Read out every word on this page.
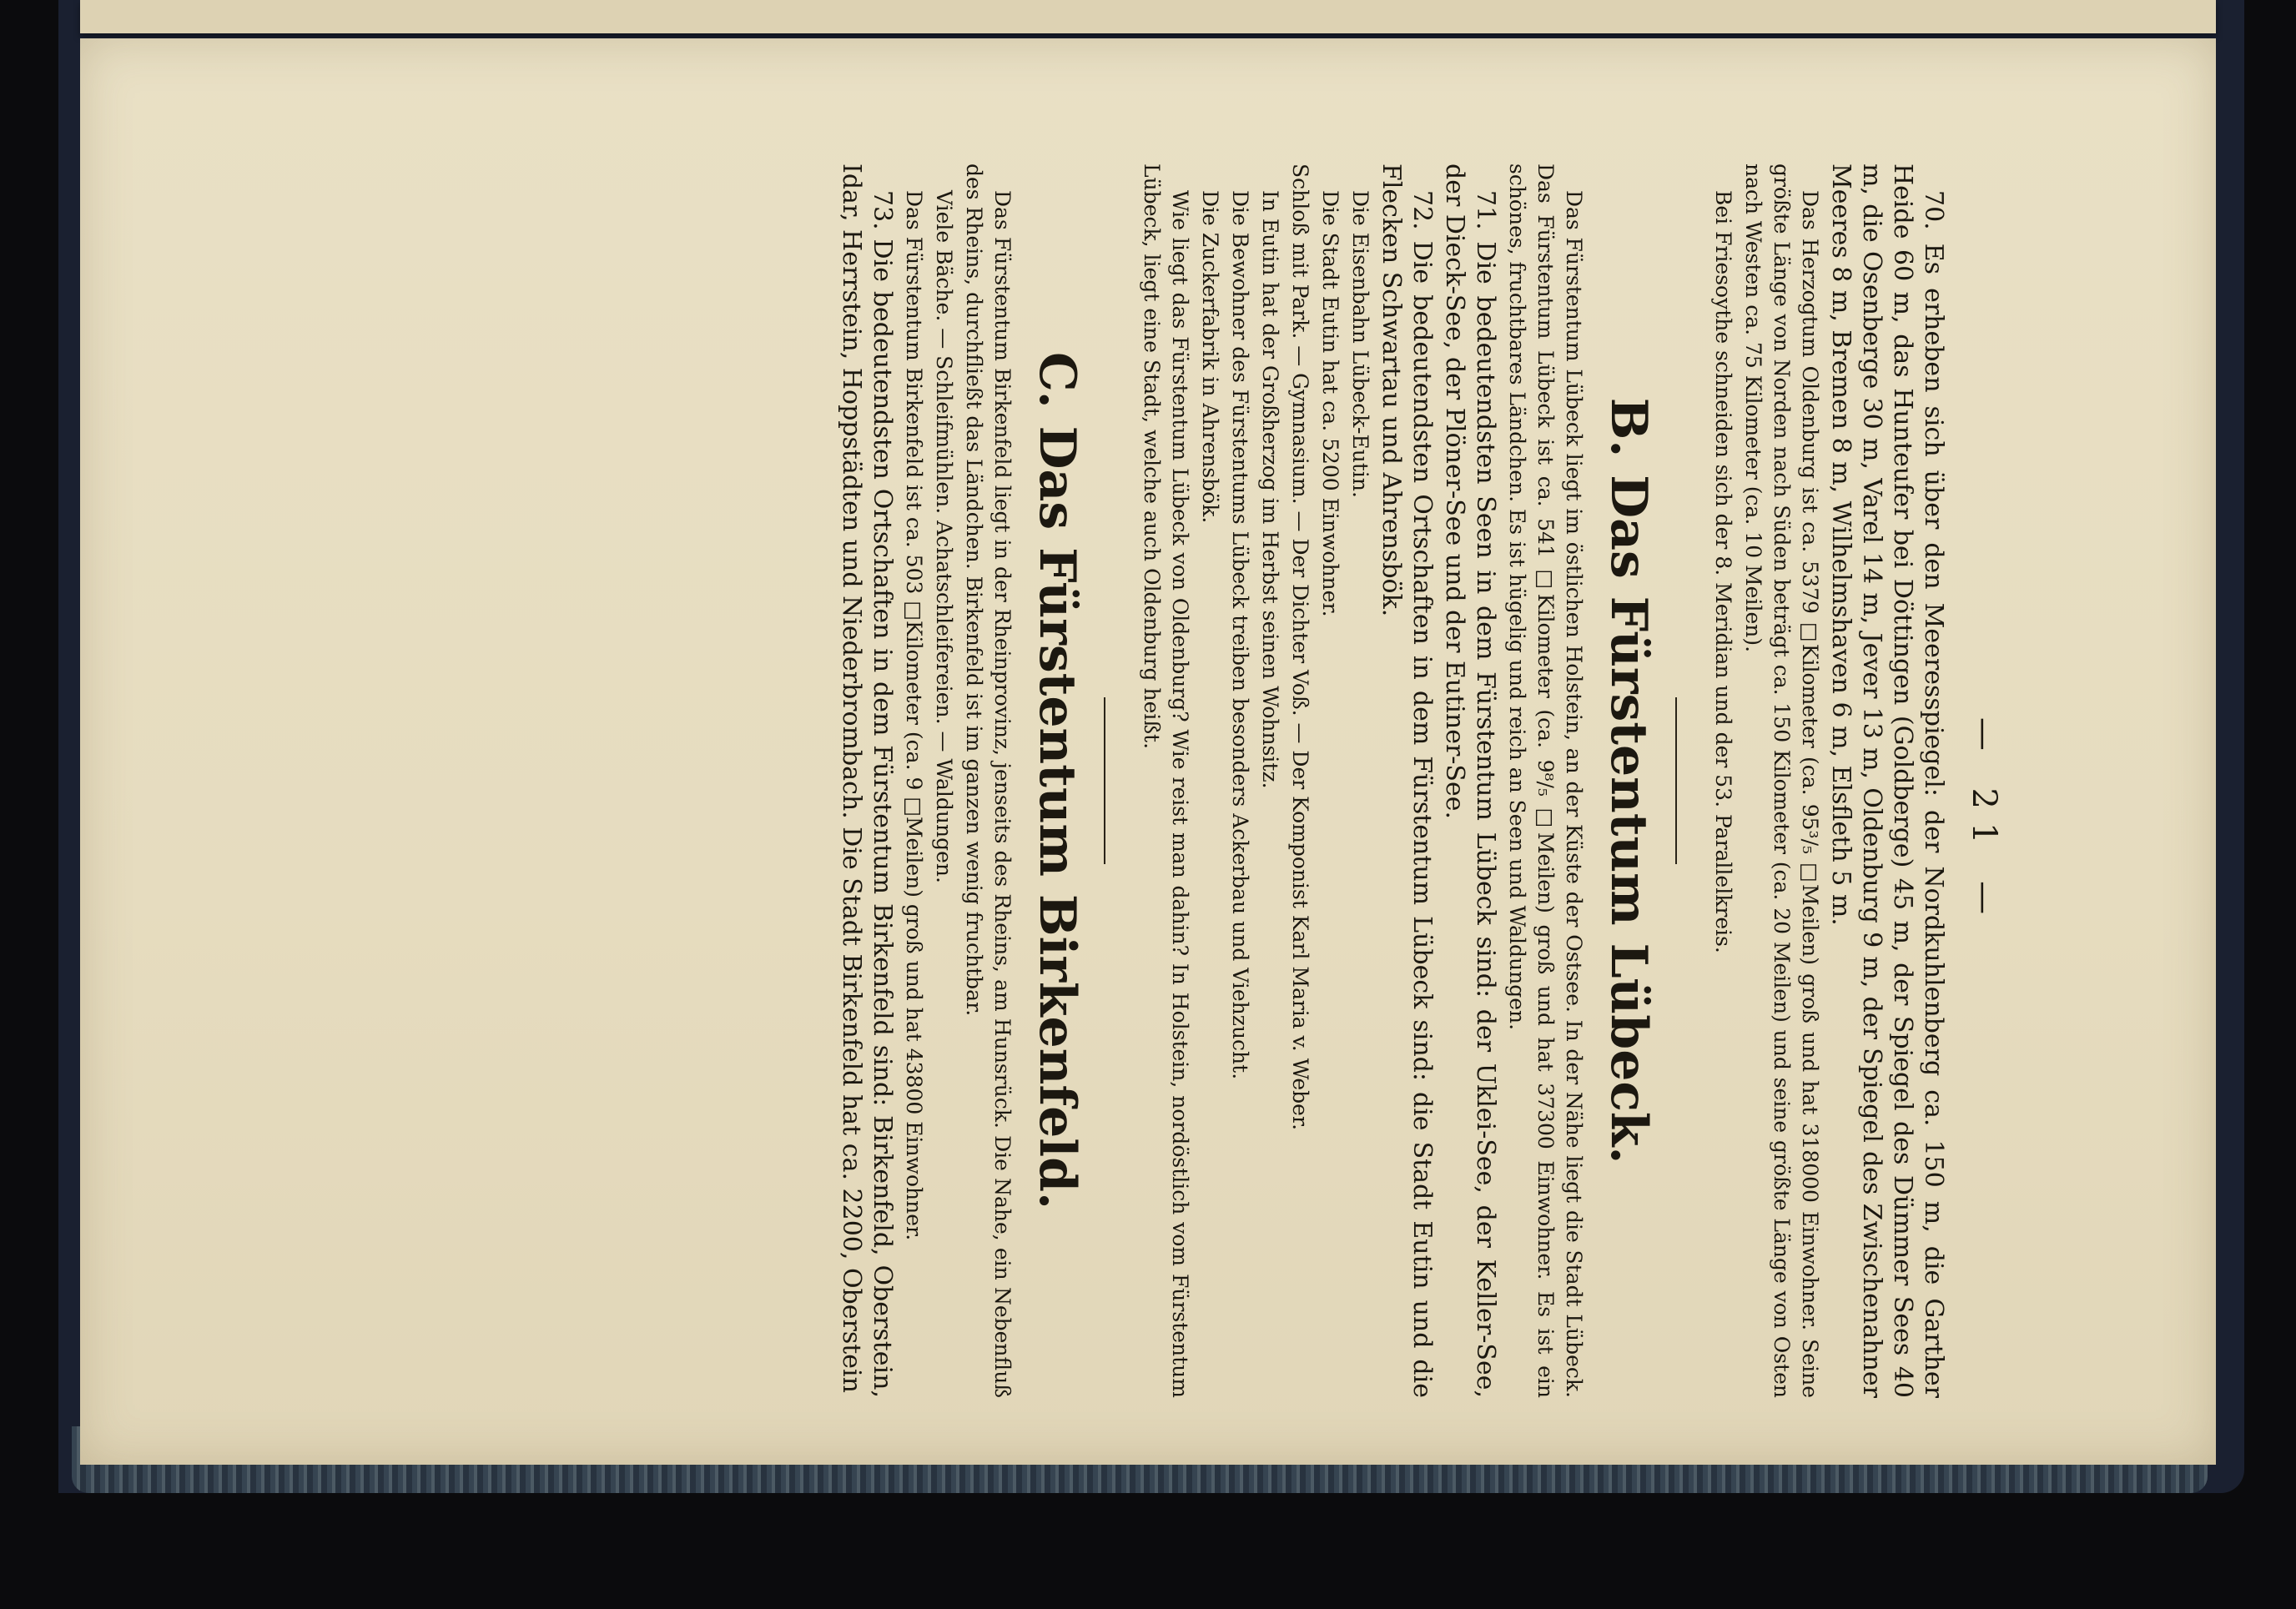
— 21 —

70. Es erheben sich über den Meeresspiegel: der Nordkuhlenberg ca. 150 m, die Garther Heide 60 m, das Hunteufer bei Döttingen (Goldberge) 45 m, der Spiegel des Dümmer Sees 40 m, die Osenberge 30 m, Varel 14 m, Jever 13 m, Oldenburg 9 m, der Spiegel des Zwischenahner Meeres 8 m, Bremen 8 m, Wilhelmshaven 6 m, Elsfleth 5 m.

Das Herzogtum Oldenburg ist ca. 5379 □Kilometer (ca. 95³/₅ □Meilen) groß und hat 318000 Einwohner. Seine größte Länge von Norden nach Süden beträgt ca. 150 Kilometer (ca. 20 Meilen) und seine größte Länge von Osten nach Westen ca. 75 Kilometer (ca. 10 Meilen).

Bei Friesoythe schneiden sich der 8. Meridian und der 53. Parallelkreis.

B. Das Fürstentum Lübeck.

Das Fürstentum Lübeck liegt im östlichen Holstein, an der Küste der Ostsee. In der Nähe liegt die Stadt Lübeck. Das Fürstentum Lübeck ist ca. 541 □Kilometer (ca. 9⁸/₅ □Meilen) groß und hat 37300 Einwohner. Es ist ein schönes, fruchtbares Ländchen. Es ist hügelig und reich an Seen und Waldungen.

71. Die bedeutendsten Seen in dem Fürstentum Lübeck sind: der Uklei-See, der Keller-See, der Dieck-See, der Plöner-See und der Eutiner-See.

72. Die bedeutendsten Ortschaften in dem Fürstentum Lübeck sind: die Stadt Eutin und die Flecken Schwartau und Ahrensbök.

Die Eisenbahn Lübeck-Eutin.

Die Stadt Eutin hat ca. 5200 Einwohner.

Schloß mit Park. — Gymnasium. — Der Dichter Voß. — Der Komponist Karl Maria v. Weber.

In Eutin hat der Großherzog im Herbst seinen Wohnsitz.

Die Bewohner des Fürstentums Lübeck treiben besonders Ackerbau und Viehzucht.

Die Zuckerfabrik in Ahrensbök.

Wie liegt das Fürstentum Lübeck von Oldenburg? Wie reist man dahin? In Holstein, nordöstlich vom Fürstentum Lübeck, liegt eine Stadt, welche auch Oldenburg heißt.

C. Das Fürstentum Birkenfeld.

Das Fürstentum Birkenfeld liegt in der Rheinprovinz, jenseits des Rheins, am Hunsrück. Die Nahe, ein Nebenfluß des Rheins, durchfließt das Ländchen. Birkenfeld ist im ganzen wenig fruchtbar.

Viele Bäche. — Schleifmühlen. Achatschleifereien. — Waldungen.

Das Fürstentum Birkenfeld ist ca. 503 □Kilometer (ca. 9 □Meilen) groß und hat 43800 Einwohner.

73. Die bedeutendsten Ortschaften in dem Fürstentum Birkenfeld sind: Birkenfeld, Oberstein, Idar, Herrstein, Hoppstädten und Niederbrombach. Die Stadt Birkenfeld hat ca. 2200, Oberstein
